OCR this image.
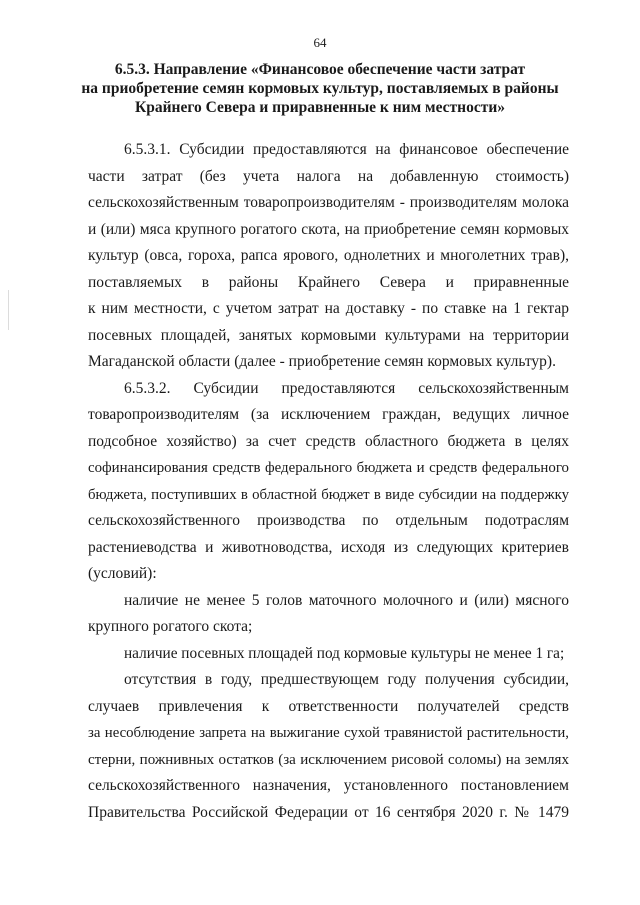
64
6.5.3. Направление «Финансовое обеспечение части затрат
на приобретение семян кормовых культур, поставляемых в районы
Крайнего Севера и приравненные к ним местности»
6.5.3.1. Субсидии предоставляются на финансовое обеспечение
части затрат (без учета налога на добавленную стоимость)
сельскохозяйственным товаропроизводителям - производителям молока
и (или) мяса крупного рогатого скота, на приобретение семян кормовых
культур (овса, гороха, рапса ярового, однолетних и многолетних трав),
поставляемых в районы Крайнего Севера и приравненные
к ним местности, с учетом затрат на доставку - по ставке на 1 гектар
посевных площадей, занятых кормовыми культурами на территории
Магаданской области (далее - приобретение семян кормовых культур).
6.5.3.2. Субсидии предоставляются сельскохозяйственным
товаропроизводителям (за исключением граждан, ведущих личное
подсобное хозяйство) за счет средств областного бюджета в целях
софинансирования средств федерального бюджета и средств федерального
бюджета, поступивших в областной бюджет в виде субсидии на поддержку
сельскохозяйственного производства по отдельным подотраслям
растениеводства и животноводства, исходя из следующих критериев
(условий):
наличие не менее 5 голов маточного молочного и (или) мясного
крупного рогатого скота;
наличие посевных площадей под кормовые культуры не менее 1 га;
отсутствия в году, предшествующем году получения субсидии,
случаев привлечения к ответственности получателей средств
за несоблюдение запрета на выжигание сухой травянистой растительности,
стерни, пожнивных остатков (за исключением рисовой соломы) на землях
сельскохозяйственного назначения, установленного постановлением
Правительства Российской Федерации от 16 сентября 2020 г. № 1479
